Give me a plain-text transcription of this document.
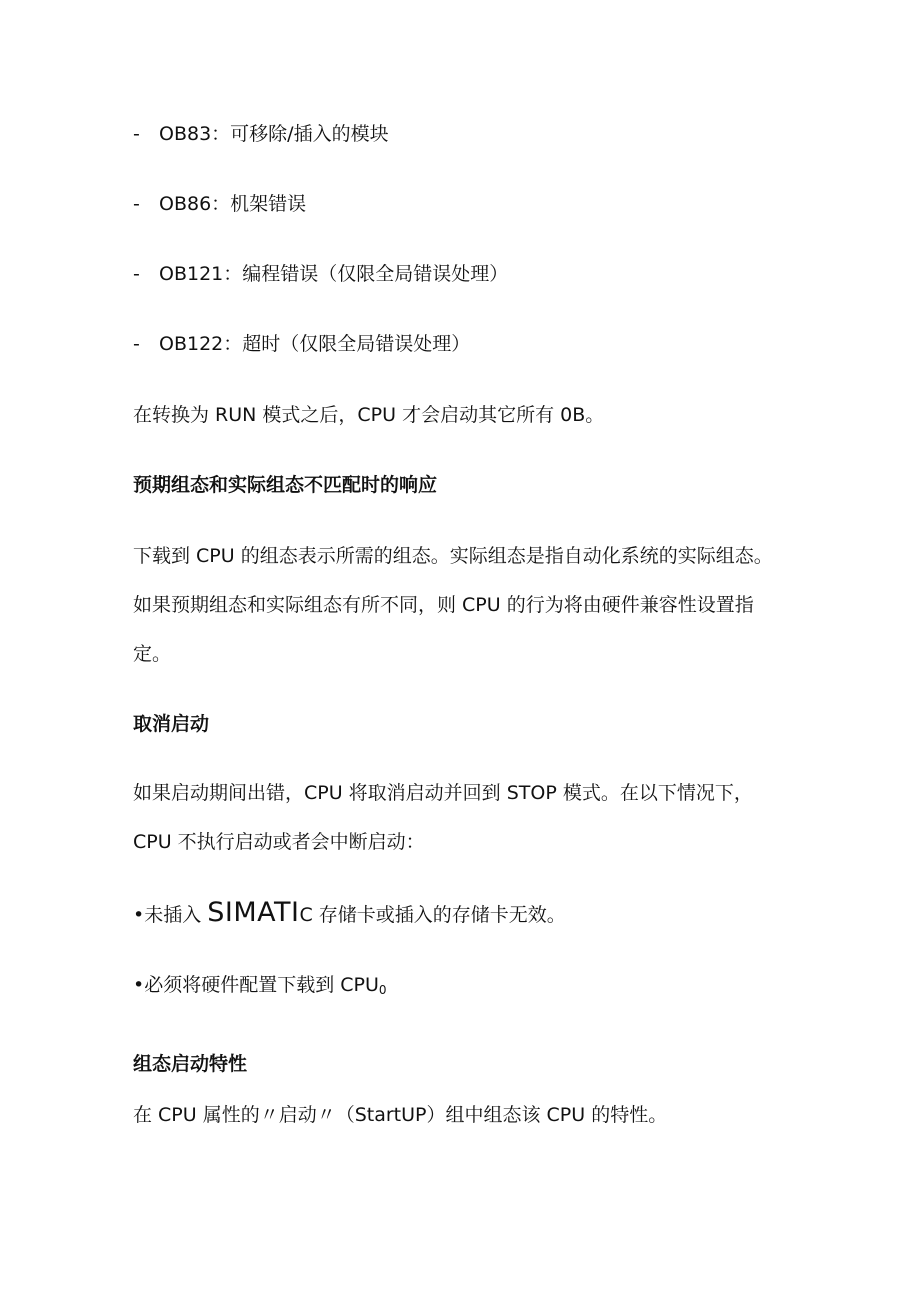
- OB83：可移除/插入的模块
- OB86：机架错误
- OB121：编程错误（仅限全局错误处理）
- OB122：超时（仅限全局错误处理）
在转换为 RUN 模式之后，CPU 才会启动其它所有 0B。
预期组态和实际组态不匹配时的响应
下载到 CPU 的组态表示所需的组态。实际组态是指自动化系统的实际组态。
如果预期组态和实际组态有所不同，则 CPU 的行为将由硬件兼容性设置指
定。
取消启动
如果启动期间出错，CPU 将取消启动并回到 STOP 模式。在以下情况下，
CPU 不执行启动或者会中断启动：
•未插入 SIMATIC 存储卡或插入的存储卡无效。
•必须将硬件配置下载到 $CPU_0$
组态启动特性
在 CPU 属性的〃启动〃（StartUP）组中组态该 CPU 的特性。
